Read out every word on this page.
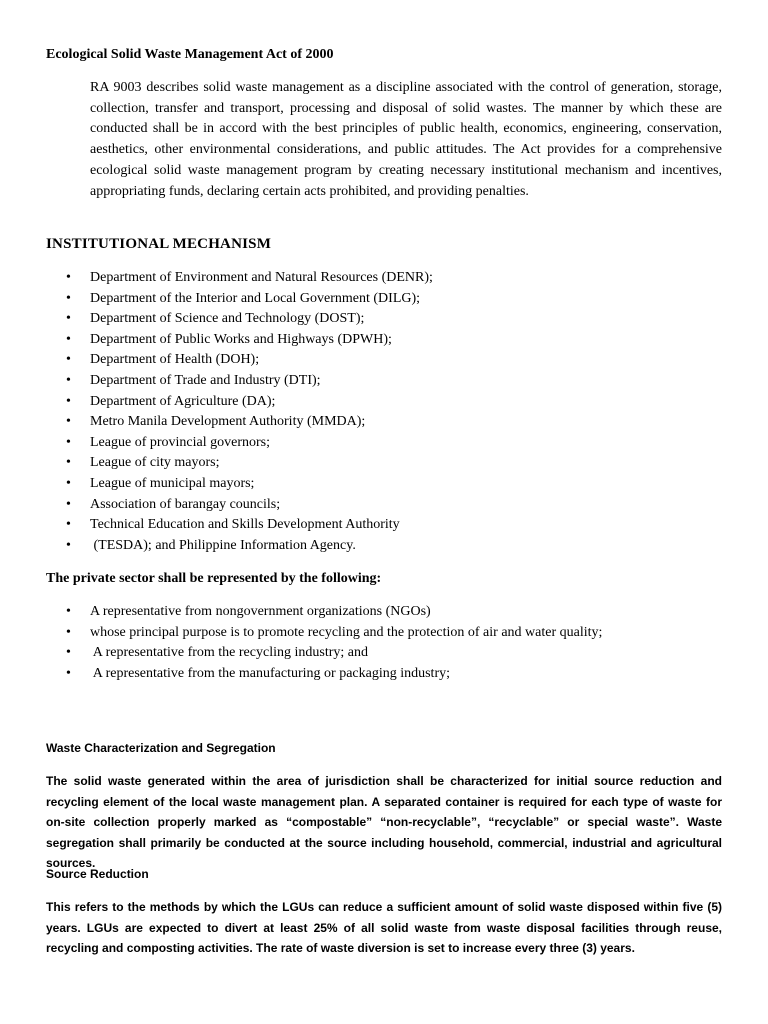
Ecological Solid Waste Management Act of 2000

RA 9003 describes solid waste management as a discipline associated with the control of generation, storage, collection, transfer and transport, processing and disposal of solid wastes. The manner by which these are conducted shall be in accord with the best principles of public health, economics, engineering, conservation, aesthetics, other environmental considerations, and public attitudes. The Act provides for a comprehensive ecological solid waste management program by creating necessary institutional mechanism and incentives, appropriating funds, declaring certain acts prohibited, and providing penalties.

INSTITUTIONAL MECHANISM
•	Department of Environment and Natural Resources (DENR);
•	Department of the Interior and Local Government (DILG);
•	Department of Science and Technology (DOST);
•	Department of Public Works and Highways (DPWH);
•	Department of Health (DOH);
•	Department of Trade and Industry (DTI);
•	Department of Agriculture (DA);
•	Metro Manila Development Authority (MMDA);
•	League of provincial governors;
•	League of city mayors;
•	League of municipal mayors;
•	Association of barangay councils;
•	Technical Education and Skills Development Authority
•	(TESDA); and Philippine Information Agency.
The private sector shall be represented by the following:
•	A representative from nongovernment organizations (NGOs)
•	whose principal purpose is to promote recycling and the protection of air and water quality;
•	A representative from the recycling industry; and
•	A representative from the manufacturing or packaging industry;
Waste Characterization and Segregation

The solid waste generated within the area of jurisdiction shall be characterized for initial source reduction and recycling element of the local waste management plan. A separated container is required for each type of waste for on-site collection properly marked as “compostable” “non-recyclable”, “recyclable” or special waste”. Waste segregation shall primarily be conducted at the source including household, commercial, industrial and agricultural sources.

Source Reduction

This refers to the methods by which the LGUs can reduce a sufficient amount of solid waste disposed within five (5) years. LGUs are expected to divert at least 25% of all solid waste from waste disposal facilities through reuse, recycling and composting activities. The rate of waste diversion is set to increase every three (3) years.
